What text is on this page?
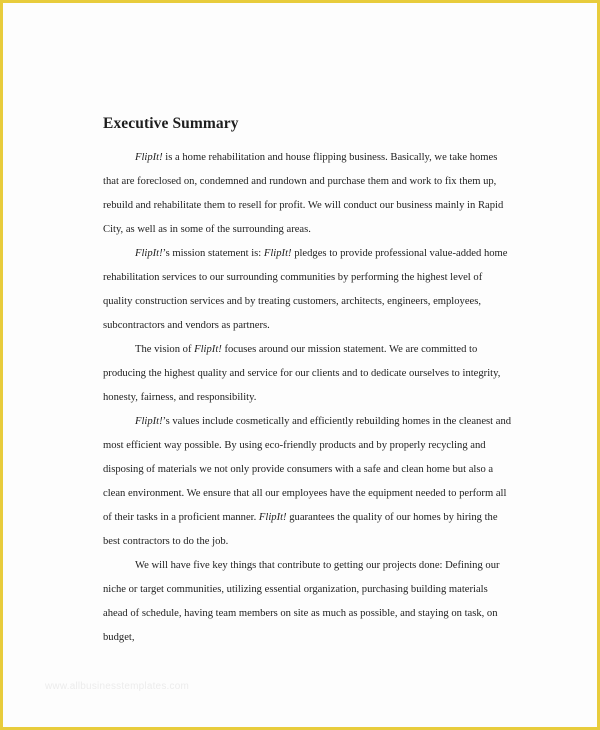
Executive Summary

FlipIt! is a home rehabilitation and house flipping business. Basically, we take homes that are foreclosed on, condemned and rundown and purchase them and work to fix them up, rebuild and rehabilitate them to resell for profit. We will conduct our business mainly in Rapid City, as well as in some of the surrounding areas.

FlipIt!’s mission statement is: FlipIt! pledges to provide professional value-added home rehabilitation services to our surrounding communities by performing the highest level of quality construction services and by treating customers, architects, engineers, employees, subcontractors and vendors as partners.

The vision of FlipIt! focuses around our mission statement. We are committed to producing the highest quality and service for our clients and to dedicate ourselves to integrity, honesty, fairness, and responsibility.

FlipIt!’s values include cosmetically and efficiently rebuilding homes in the cleanest and most efficient way possible. By using eco-friendly products and by properly recycling and disposing of materials we not only provide consumers with a safe and clean home but also a clean environment. We ensure that all our employees have the equipment needed to perform all of their tasks in a proficient manner. FlipIt! guarantees the quality of our homes by hiring the best contractors to do the job.

We will have five key things that contribute to getting our projects done: Defining our niche or target communities, utilizing essential organization, purchasing building materials ahead of schedule, having team members on site as much as possible, and staying on task, on budget,

www.allbusinesstemplates.com
